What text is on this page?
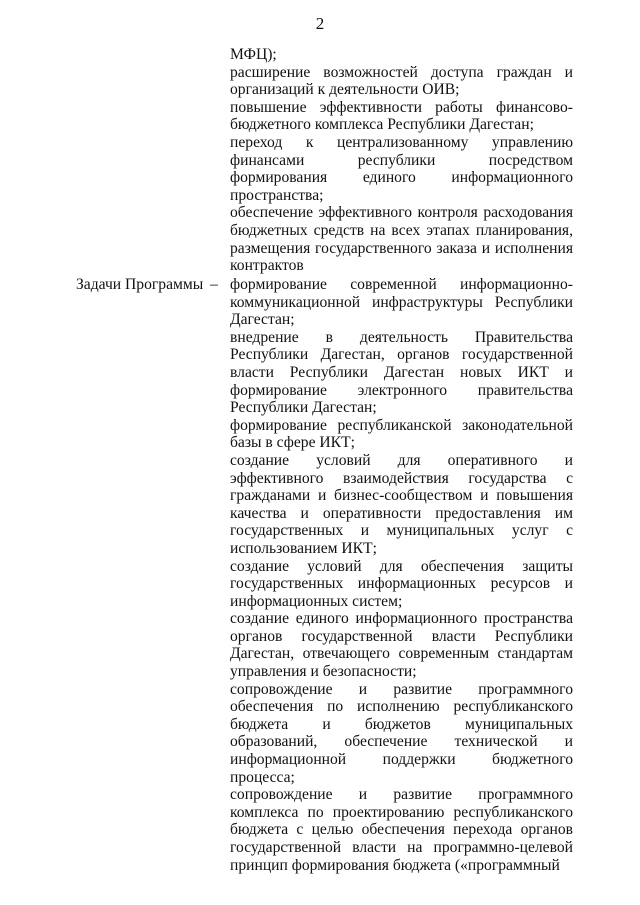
2

МФЦ);

расширение возможностей доступа граждан и организаций к деятельности ОИВ;

повышение эффективности работы финансово-бюджетного комплекса Республики Дагестан;

переход к централизованному управлению финансами республики посредством формирования единого информационного пространства;

обеспечение эффективного контроля расходования бюджетных средств на всех этапах планирования, размещения государственного заказа и исполнения контрактов

Задачи Программы – формирование современной информационно-коммуникационной инфраструктуры Республики Дагестан;

внедрение в деятельность Правительства Республики Дагестан, органов государственной власти Республики Дагестан новых ИКТ и формирование электронного правительства Республики Дагестан;

формирование республиканской законодательной базы в сфере ИКТ;

создание условий для оперативного и эффективного взаимодействия государства с гражданами и бизнес-сообществом и повышения качества и оперативности предоставления им государственных и муниципальных услуг с использованием ИКТ;

создание условий для обеспечения защиты государственных информационных ресурсов и информационных систем;

создание единого информационного пространства органов государственной власти Республики Дагестан, отвечающего современным стандартам управления и безопасности;

сопровождение и развитие программного обеспечения по исполнению республиканского бюджета и бюджетов муниципальных образований, обеспечение технической и информационной поддержки бюджетного процесса;

сопровождение и развитие программного комплекса по проектированию республиканского бюджета с целью обеспечения перехода органов государственной власти на программно-целевой принцип формирования бюджета («программный
